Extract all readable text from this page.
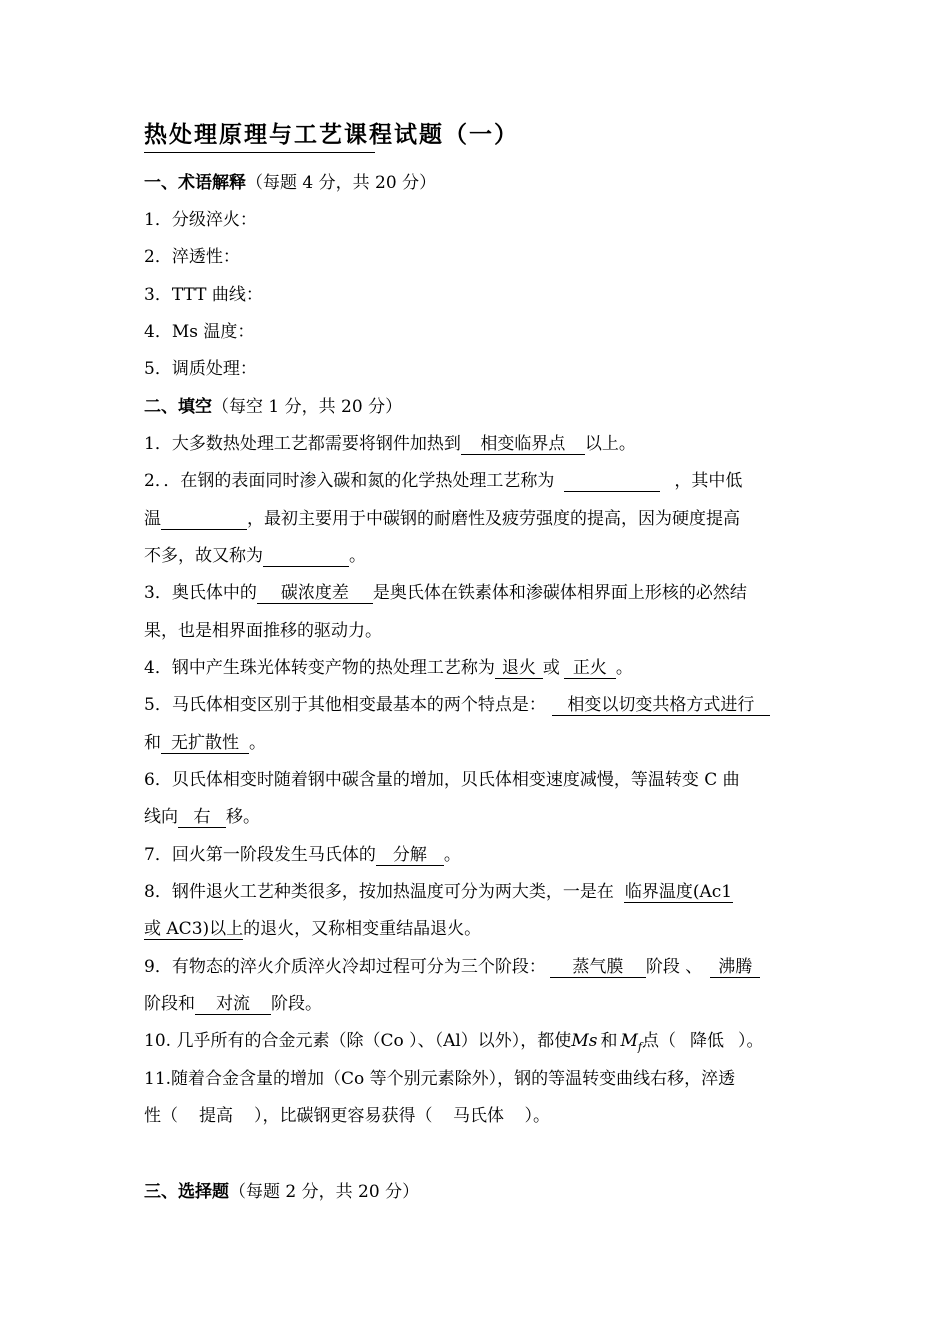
热处理原理与工艺课程试题（一）
一、术语解释（每题 4 分，共 20 分）
1．分级淬火：
2．淬透性：
3．TTT 曲线：
4．Ms 温度：
5．调质处理：
二、填空（每空 1 分，共 20 分）
1．大多数热处理工艺都需要将钢件加热到 相变临界点 以上。
2．．在钢的表面同时渗入碳和氮的化学热处理工艺称为	，其中低
温	，最初主要用于中碳钢的耐磨性及疲劳强度的提高，因为硬度提高
不多，故又称为	。
3．奥氏体中的 碳浓度差 是奥氏体在铁素体和渗碳体相界面上形核的必然结
果，也是相界面推移的驱动力。
4．钢中产生珠光体转变产物的热处理工艺称为 退火 或 正火 。
5．马氏体相变区别于其他相变最基本的两个特点是： 相变以切变共格方式进行
和 无扩散性 。
6．贝氏体相变时随着钢中碳含量的增加，贝氏体相变速度减慢，等温转变 C 曲
线向 右 移。
7．回火第一阶段发生马氏体的 分解 。
8．钢件退火工艺种类很多，按加热温度可分为两大类，一是在 临界温度(Ac1
或 AC3)以上的退火，又称相变重结晶退火。
9．有物态的淬火介质淬火冷却过程可分为三个阶段： 蒸气膜 阶段 、 沸腾
阶段和 对流 阶段。
10. 几乎所有的合金元素（除（Co ）、（Al）以外），都使Ms 和 $M_f$点（ 降低 ）。
11.随着合金含量的增加（Co 等个别元素除外），钢的等温转变曲线右移，淬透
性（ 提高 ），比碳钢更容易获得（ 马氏体 ）。
三、选择题（每题 2 分，共 20 分）
